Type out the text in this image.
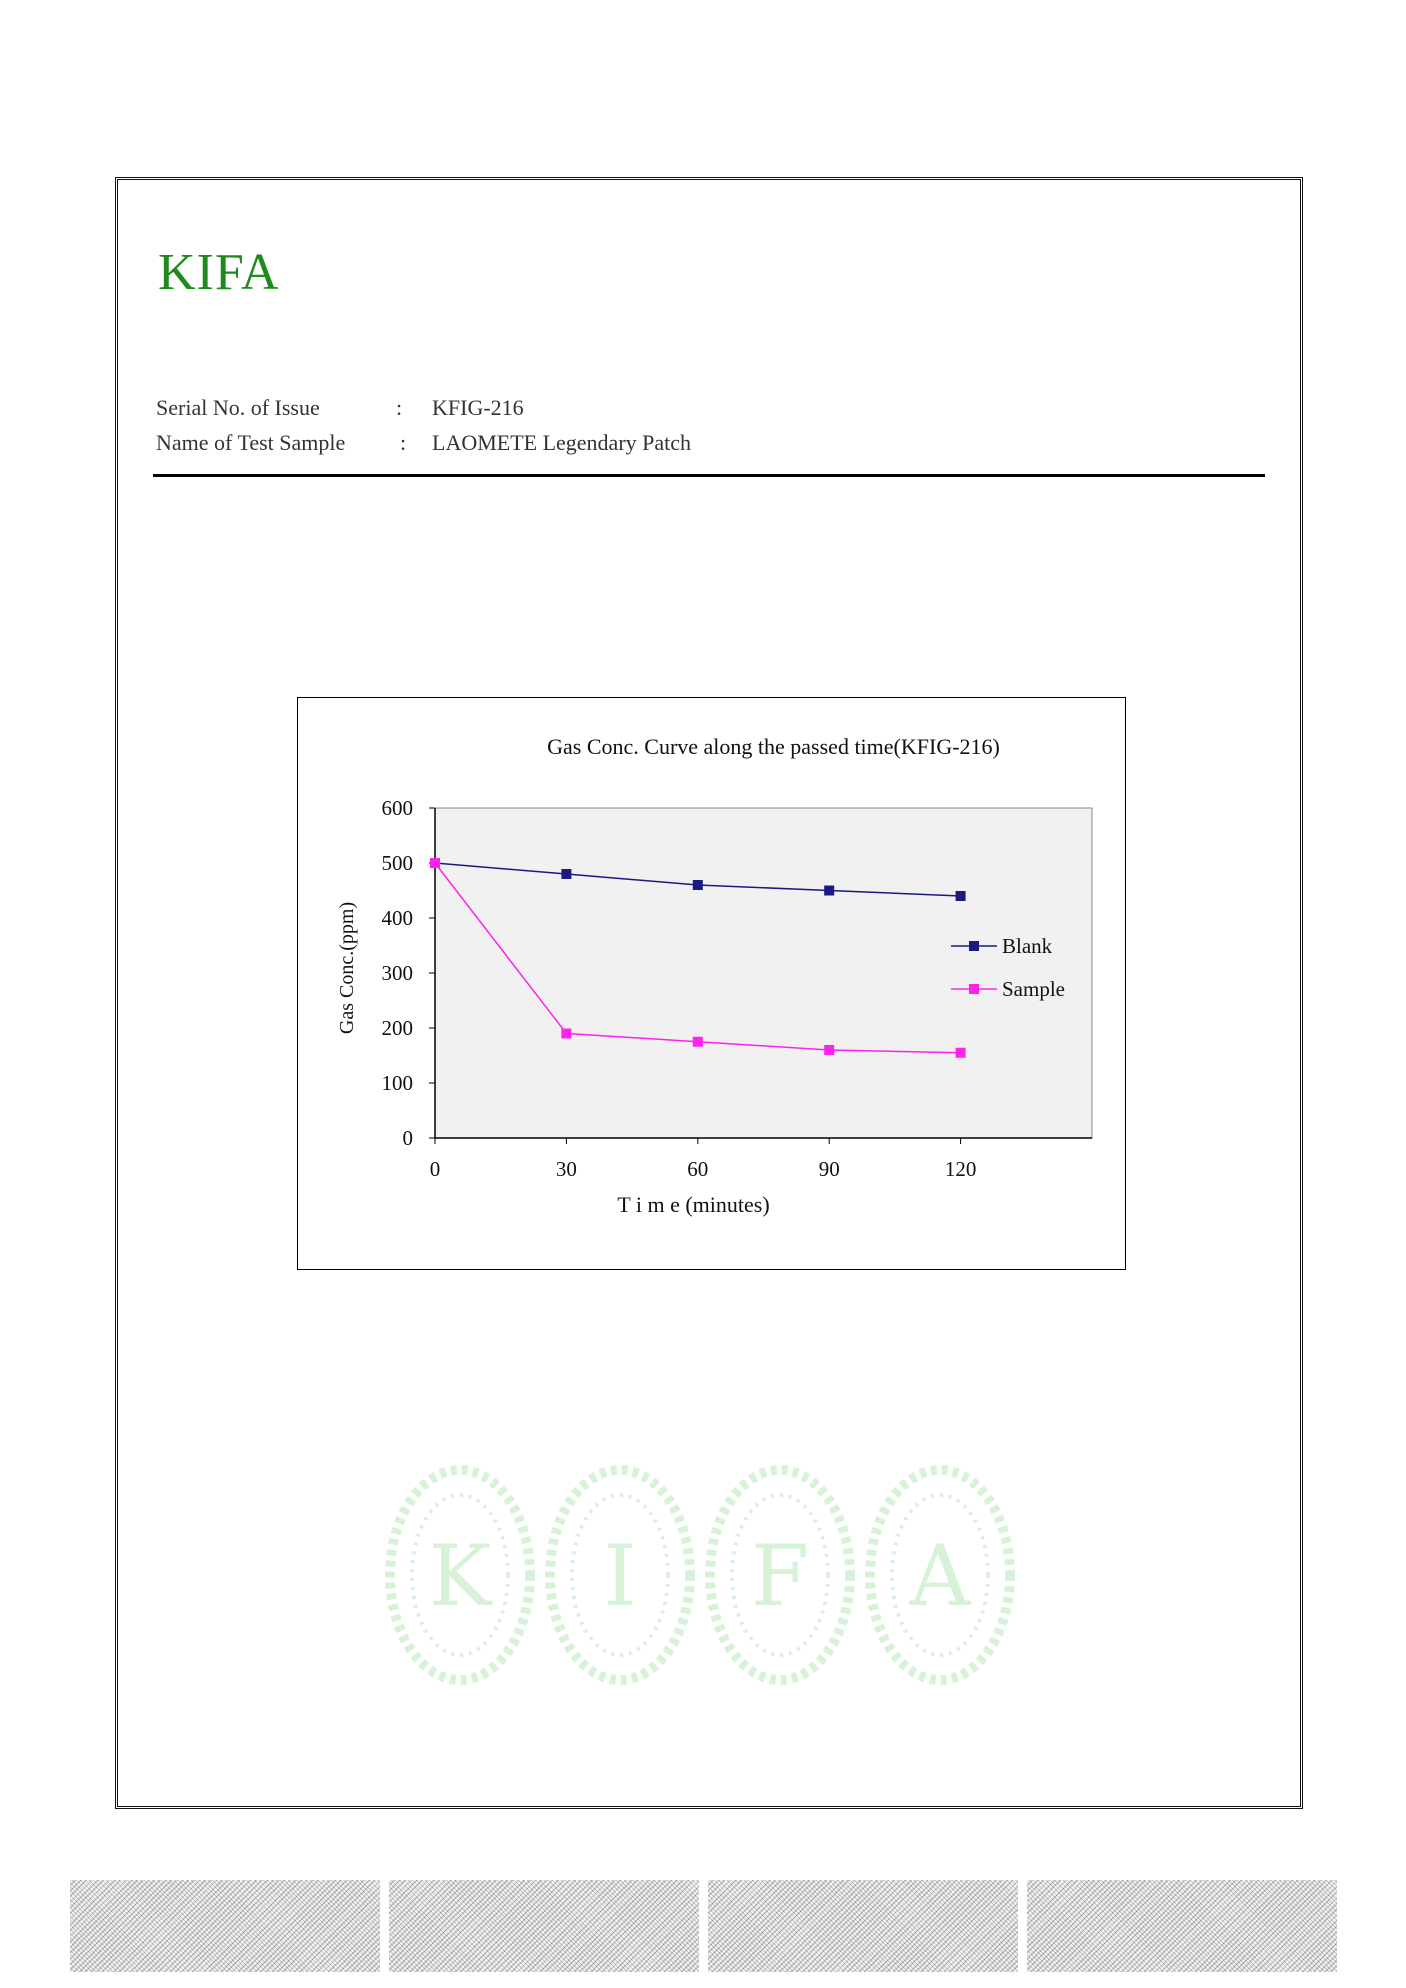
KIFA
Serial No. of Issue	: KFIG-216
Name of Test Sample : LAOMETE Legendary Patch
Gas Conc. Curve along the passed time(KFIG-216)
0
100
200
300
400
500
600
0	30	60	90	120
T i m e (minutes)
Gas Conc.(ppm)	Blank
Sample
K I F A
